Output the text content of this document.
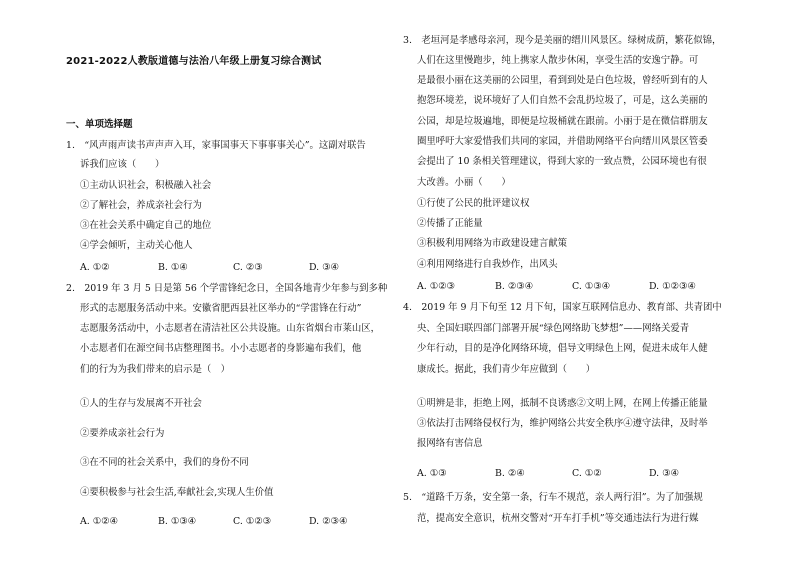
2021-2022人教版道德与法治八年级上册复习综合测试
一、单项选择题
1.　“风声雨声读书声声声入耳，家事国事天下事事事关心”。这副对联告
诉我们应该（　　）
①主动认识社会，积极融入社会
②了解社会，养成亲社会行为
③在社会关系中确定自己的地位
④学会倾听，主动关心他人
A. ①②	B. ①④	C. ②③	D. ③④
2.　2019 年 3 月 5 日是第 56 个学雷锋纪念日，全国各地青少年参与到多种
形式的志愿服务活动中来。安徽省肥西县社区举办的“学雷锋在行动”
志愿服务活动中，小志愿者在清洁社区公共设施。山东省烟台市莱山区，
小志愿者们在源空间书店整理图书。小小志愿者的身影遍布我们，他
们的行为为我们带来的启示是（　）
①人的生存与发展离不开社会
②要养成亲社会行为
③在不同的社会关系中，我们的身份不同
④要积极参与社会生活,奉献社会,实现人生价值
A. ①②④	B. ①③④	C. ①②③	D. ②③④
3.　老垣河是孝感母亲河，现今是美丽的缙川风景区。绿树成荫，繁花似锦，
人们在这里慢跑步，纯上携家人散步休闲，享受生活的安逸宁静。可
是最很小丽在这美丽的公园里，看到到处是白色垃圾，曾经听到有的人
抱怨环境差，说环境好了人们自然不会乱扔垃圾了，可是，这么美丽的
公园，却是垃圾遍地，即便是垃圾桶就在跟前。小丽于是在微信群朋友
圈里呼吁大家爱惜我们共同的家园，并借助网络平台向缙川风景区管委
会提出了 10 条相关管理建议，得到大家的一致点赞，公园环境也有很
大改善。小丽（　　）
①行使了公民的批评建议权
②传播了正能量
③积极利用网络为市政建设建言献策
④利用网络进行自我炒作，出风头
A. ①②③	B. ②③④	C. ①③④	D. ①②③④
4.　2019 年 9 月下旬至 12 月下旬，国家互联网信息办、教育部、共青团中
央、全国妇联四部门部署开展“绿色网络助飞梦想”——网络关爱青
少年行动，目的是净化网络环境，倡导文明绿色上网，促进未成年人健
康成长。据此，我们青少年应做到（　　）
①明辨是非，拒绝上网，抵制不良诱惑②文明上网，在网上传播正能量
③依法打击网络侵权行为，维护网络公共安全秩序④遵守法律，及时举
报网络有害信息
A. ①③	B. ②④	C. ①②	D. ③④
5.　“道路千万条，安全第一条，行车不规范，亲人两行泪”。为了加强规
范，提高安全意识，杭州交警对“开车打手机”等交通违法行为进行媒
